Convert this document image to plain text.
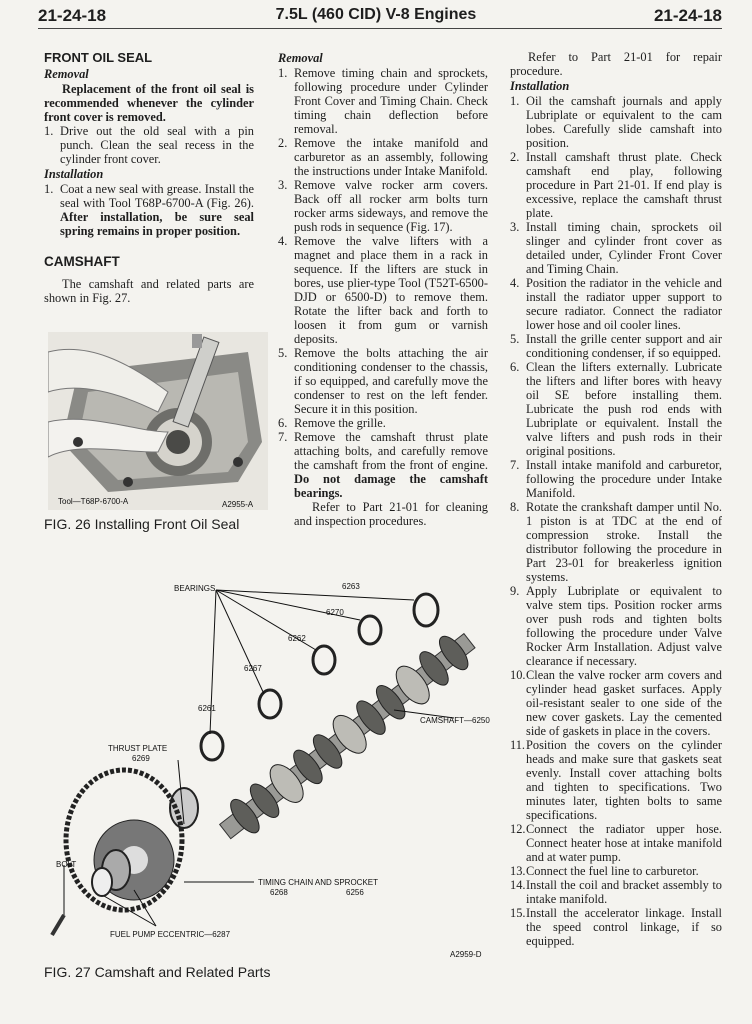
21-24-18	7.5L (460 CID) V-8 Engines	21-24-18
FRONT OIL SEAL
Removal

Replacement of the front oil seal is recommended whenever the cylinder front cover is removed.

1. Drive out the old seal with a pin punch. Clean the seal recess in the cylinder front cover.
Installation
1. Coat a new seal with grease. Install the seal with Tool T68P-6700-A (Fig. 26). After installation, be sure seal spring remains in proper position.
CAMSHAFT

The camshaft and related parts are shown in Fig. 27.

Tool—T68P-6700-A	A2955-A
FIG. 26 Installing Front Oil Seal
Removal
1. Remove timing chain and sprockets, following procedure under Cylinder Front Cover and Timing Chain. Check timing chain deflection before removal.
2. Remove the intake manifold and carburetor as an assembly, following the instructions under Intake Manifold.
3. Remove valve rocker arm covers. Back off all rocker arm bolts turn rocker arms sideways, and remove the push rods in sequence (Fig. 17).
4. Remove the valve lifters with a magnet and place them in a rack in sequence. If the lifters are stuck in bores, use plier-type Tool (T52T-6500-DJD or 6500-D) to remove them. Rotate the lifter back and forth to loosen it from gum or varnish deposits.
5. Remove the bolts attaching the air conditioning condenser to the chassis, if so equipped, and carefully move the condenser to rest on the left fender. Secure it in this position.
6. Remove the grille.
7. Remove the camshaft thrust plate attaching bolts, and carefully remove the camshaft from the front of engine. Do not damage the camshaft bearings.

Refer to Part 21-01 for cleaning and inspection procedures.

Refer to Part 21-01 for repair procedure.

Installation
1. Oil the camshaft journals and apply Lubriplate or equivalent to the cam lobes. Carefully slide camshaft into position.
2. Install camshaft thrust plate. Check camshaft end play, following procedure in Part 21-01. If end play is excessive, replace the camshaft thrust plate.
3. Install timing chain, sprockets oil slinger and cylinder front cover as detailed under, Cylinder Front Cover and Timing Chain.
4. Position the radiator in the vehicle and install the radiator upper support to secure radiator. Connect the radiator lower hose and oil cooler lines.
5. Install the grille center support and air conditioning condenser, if so equipped.
6. Clean the lifters externally. Lubricate the lifters and lifter bores with heavy oil SE before installing them. Lubricate the push rod ends with Lubriplate or equivalent. Install the valve lifters and push rods in their original positions.
7. Install intake manifold and carburetor, following the procedure under Intake Manifold.
8. Rotate the crankshaft damper until No. 1 piston is at TDC at the end of compression stroke. Install the distributor following the procedure in Part 23-01 for breakerless ignition systems.
9. Apply Lubriplate or equivalent to valve stem tips. Position rocker arms over push rods and tighten bolts following the procedure under Valve Rocker Arm Installation. Adjust valve clearance if necessary.
10. Clean the valve rocker arm covers and cylinder head gasket surfaces. Apply oil-resistant sealer to one side of the new cover gaskets. Lay the cemented side of gaskets in place in the covers.
11. Position the covers on the cylinder heads and make sure that gaskets seat evenly. Install cover attaching bolts and tighten to specifications. Two minutes later, tighten bolts to same specifications.
12. Connect the radiator upper hose. Connect heater hose at intake manifold and at water pump.
13. Connect the fuel line to carburetor.
14. Install the coil and bracket assembly to intake manifold.
15. Install the accelerator linkage. Install the speed control linkage, if so equipped.
BEARINGS	6263
6270
6262
6267
6261
CAMSHAFT—6250
THRUST PLATE
6269
BOLT
TIMING CHAIN AND SPROCKET
6268	6256
FUEL PUMP ECCENTRIC—6287
A2959-D
FIG. 27 Camshaft and Related Parts
